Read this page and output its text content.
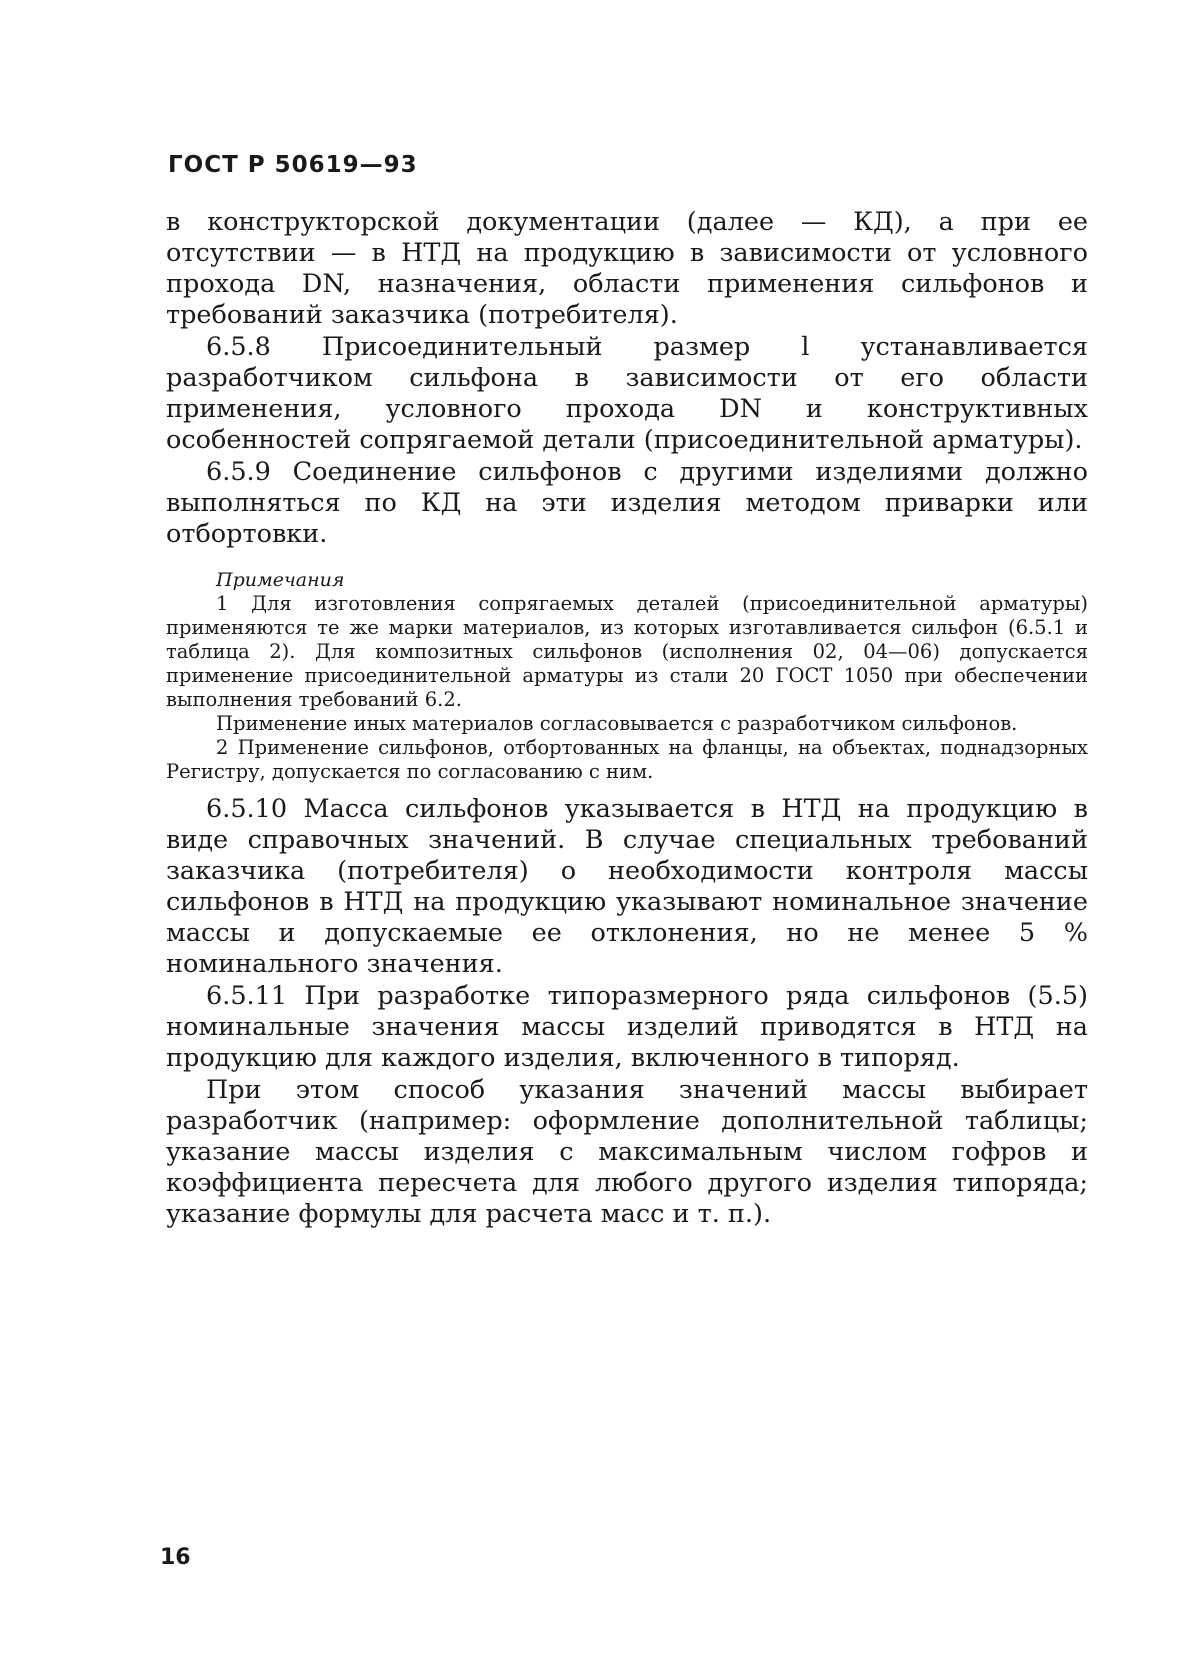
ГОСТ Р 50619—93

в конструкторской документации (далее — КД), а при ее отсутствии — в НТД на продукцию в зависимости от условного прохода DN, назначения, области применения сильфонов и требований заказчика (потребителя).

6.5.8 Присоединительный размер l устанавливается разработчиком сильфона в зависимости от его области применения, условного прохода DN и конструктивных особенностей сопрягаемой детали (присоединительной арматуры).

6.5.9 Соединение сильфонов с другими изделиями должно выполняться по КД на эти изделия методом приварки или отбортовки.

Примечания

1 Для изготовления сопрягаемых деталей (присоединительной арматуры) применяются те же марки материалов, из которых изготавливается сильфон (6.5.1 и таблица 2). Для композитных сильфонов (исполнения 02, 04—06) допускается применение присоединительной арматуры из стали 20 ГОСТ 1050 при обеспечении выполнения требований 6.2.

Применение иных материалов согласовывается с разработчиком сильфонов.

2 Применение сильфонов, отбортованных на фланцы, на объектах, поднадзорных Регистру, допускается по согласованию с ним.

6.5.10 Масса сильфонов указывается в НТД на продукцию в виде справочных значений. В случае специальных требований заказчика (потребителя) о необходимости контроля массы сильфонов в НТД на продукцию указывают номинальное значение массы и допускаемые ее отклонения, но не менее 5 % номинального значения.

6.5.11 При разработке типоразмерного ряда сильфонов (5.5) номинальные значения массы изделий приводятся в НТД на продукцию для каждого изделия, включенного в типоряд.

При этом способ указания значений массы выбирает разработчик (например: оформление дополнительной таблицы; указание массы изделия с максимальным числом гофров и коэффициента пересчета для любого другого изделия типоряда; указание формулы для расчета масс и т. п.).

16
